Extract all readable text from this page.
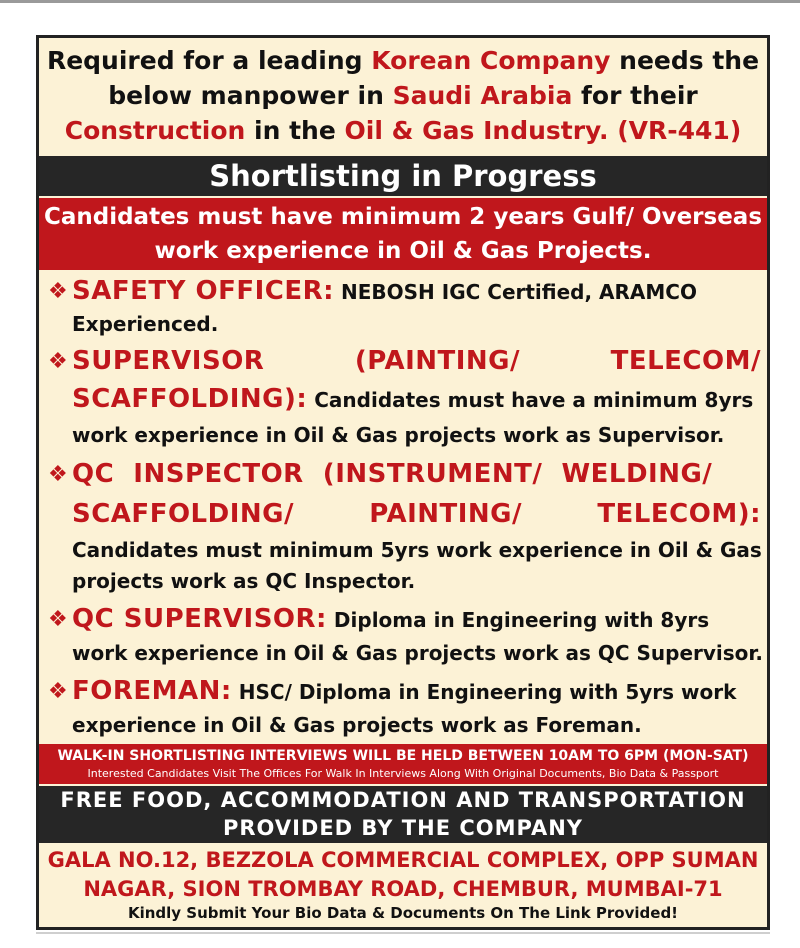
Required for a leading Korean Company needs the
below manpower in Saudi Arabia for their
Construction in the Oil & Gas Industry. (VR-441)
Shortlisting in Progress
Candidates must have minimum 2 years Gulf/ Overseas
work experience in Oil & Gas Projects.
❖ SAFETY OFFICER: NEBOSH IGC Certified, ARAMCO
Experienced.
❖ SUPERVISOR	(PAINTING/	TELECOM/
SCAFFOLDING): Candidates must have a minimum 8yrs
work experience in Oil & Gas projects work as Supervisor.
❖ QC  INSPECTOR  (INSTRUMENT/  WELDING/
SCAFFOLDING/	PAINTING/	TELECOM):
Candidates must minimum 5yrs work experience in Oil & Gas
projects work as QC Inspector.
❖ QC SUPERVISOR: Diploma in Engineering with 8yrs
work experience in Oil & Gas projects work as QC Supervisor.
❖ FOREMAN: HSC/ Diploma in Engineering with 5yrs work
experience in Oil & Gas projects work as Foreman.
WALK-IN SHORTLISTING INTERVIEWS WILL BE HELD BETWEEN 10AM TO 6PM (MON-SAT)
Interested Candidates Visit The Offices For Walk In Interviews Along With Original Documents, Bio Data & Passport
FREE FOOD, ACCOMMODATION AND TRANSPORTATION
PROVIDED BY THE COMPANY
GALA NO.12, BEZZOLA COMMERCIAL COMPLEX, OPP SUMAN
NAGAR, SION TROMBAY ROAD, CHEMBUR, MUMBAI-71
Kindly Submit Your Bio Data & Documents On The Link Provided!
